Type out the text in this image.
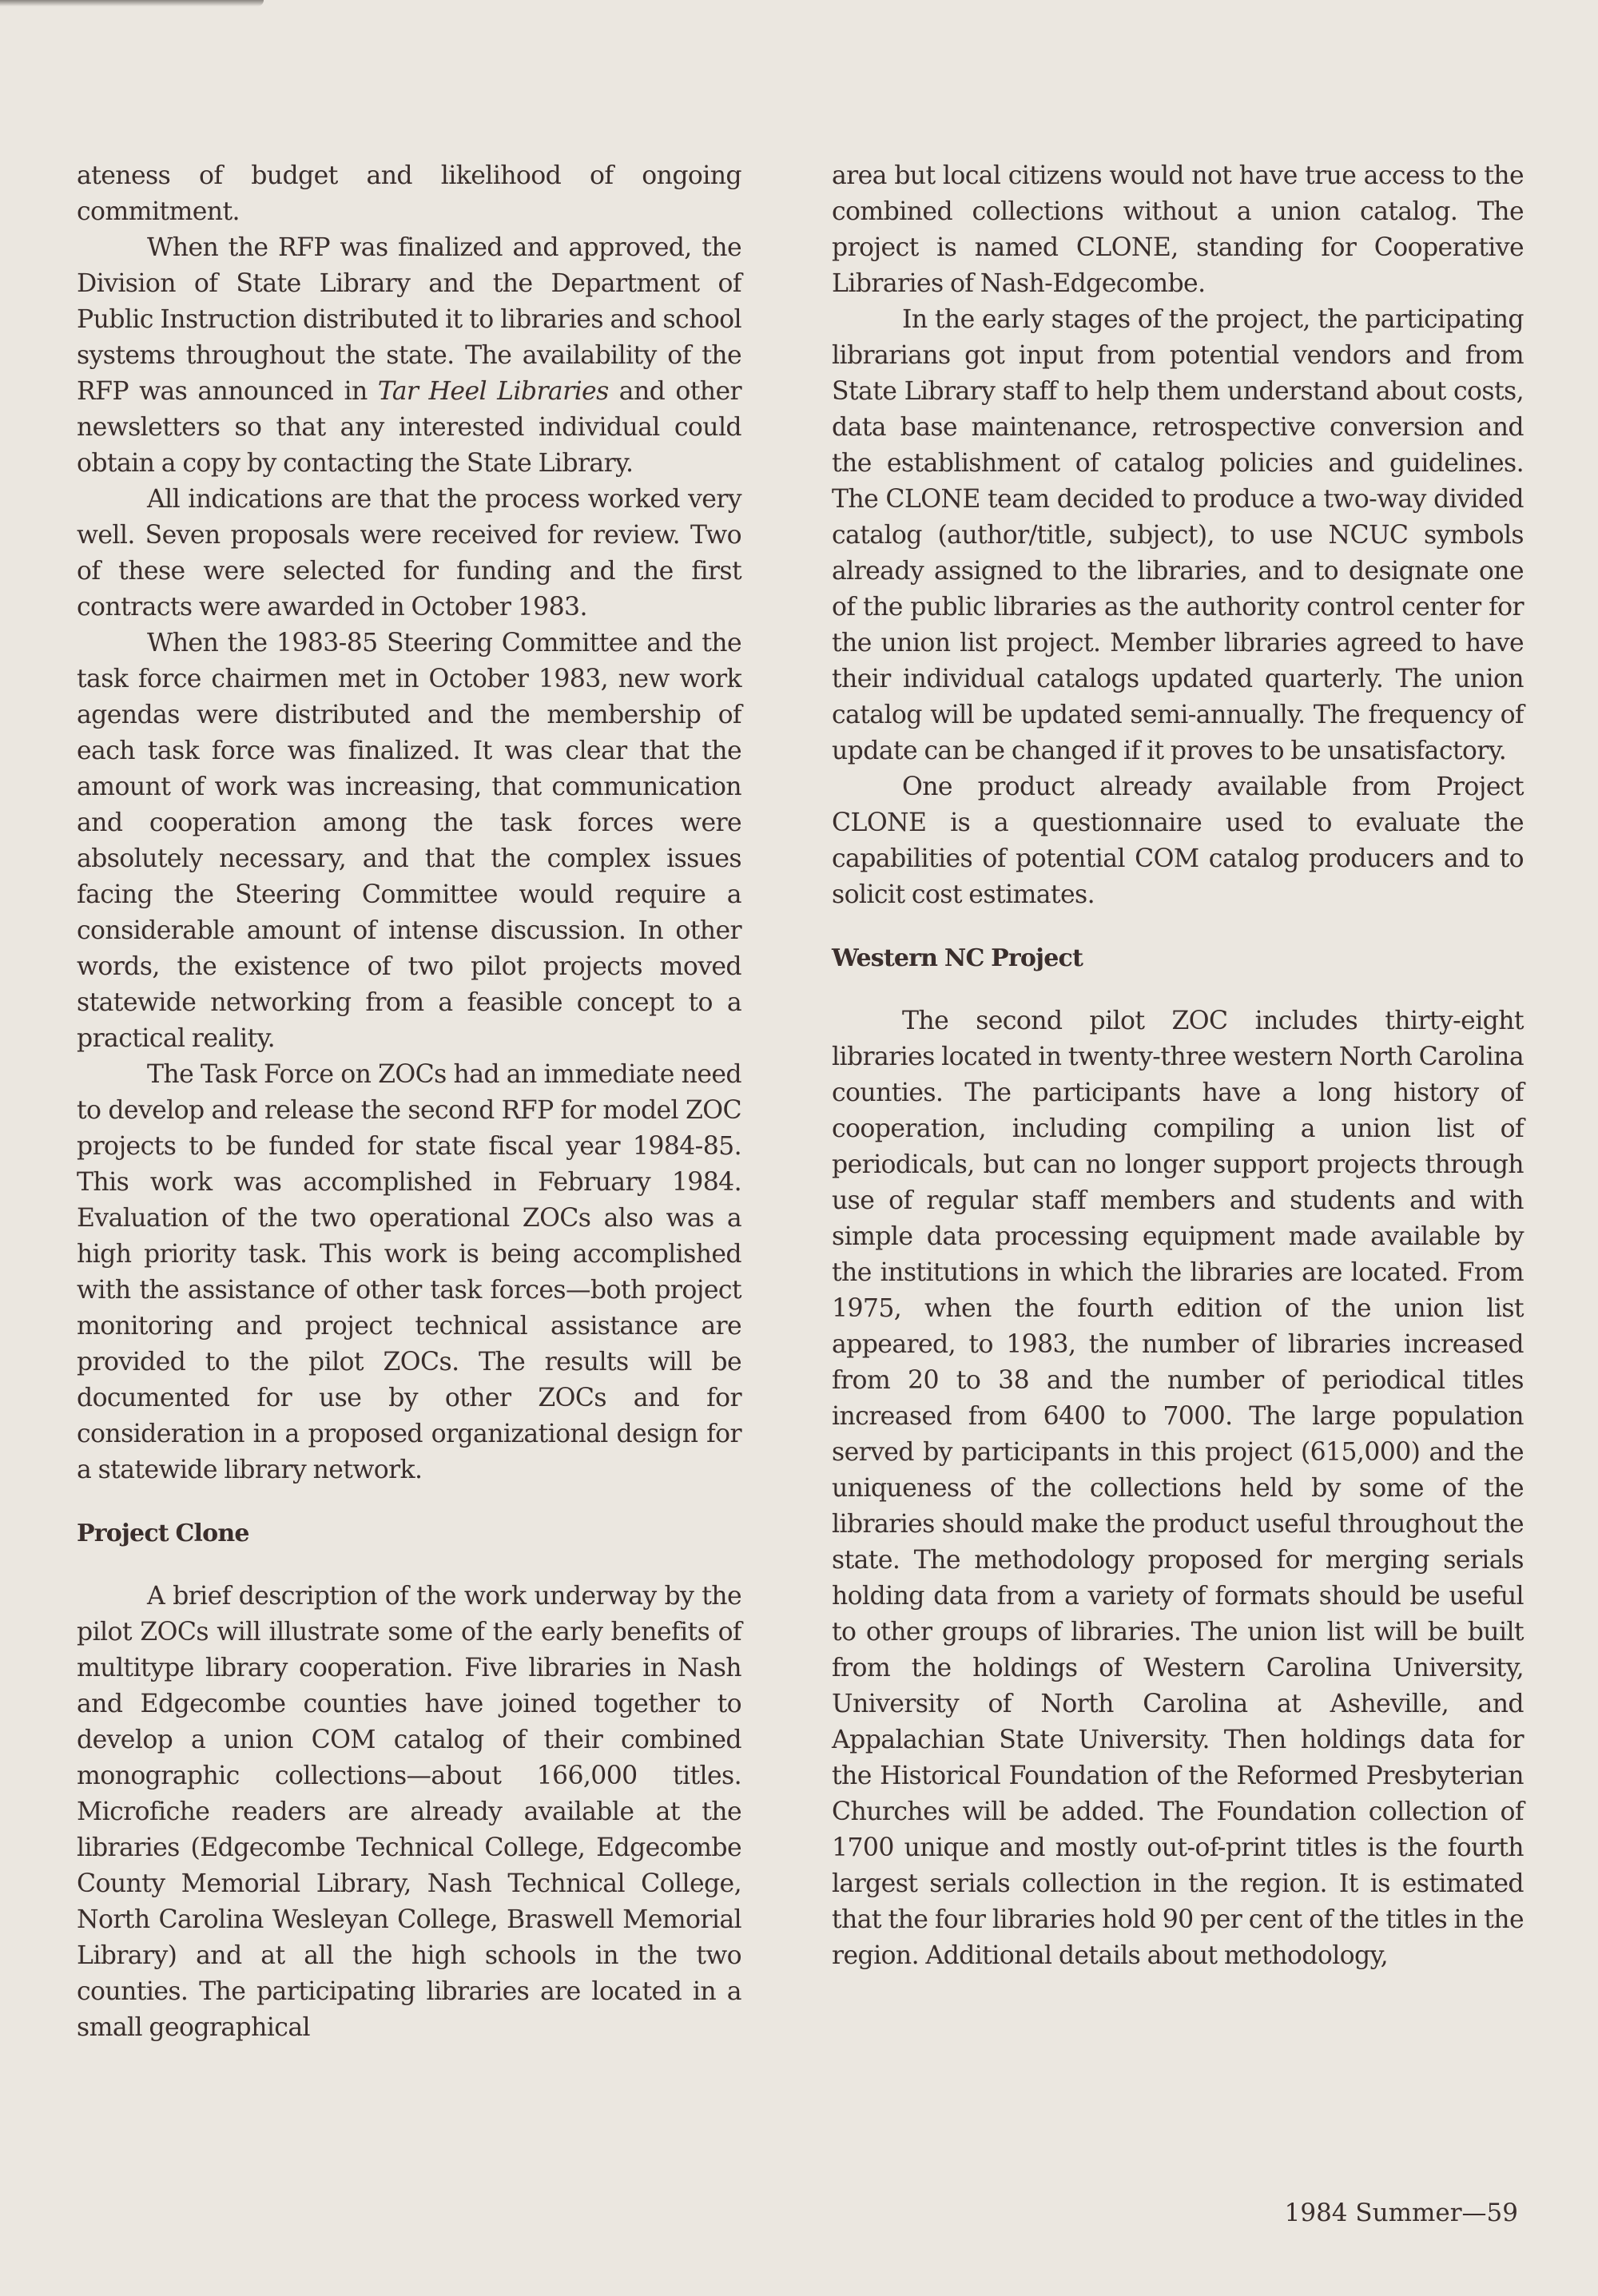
ateness of budget and likelihood of ongoing commitment.

When the RFP was finalized and approved, the Division of State Library and the Department of Public Instruction distributed it to libraries and school systems throughout the state. The availability of the RFP was announced in Tar Heel Libraries and other newsletters so that any interested individual could obtain a copy by contacting the State Library.

All indications are that the process worked very well. Seven proposals were received for review. Two of these were selected for funding and the first contracts were awarded in October 1983.

When the 1983-85 Steering Committee and the task force chairmen met in October 1983, new work agendas were distributed and the membership of each task force was finalized. It was clear that the amount of work was increasing, that communication and cooperation among the task forces were absolutely necessary, and that the complex issues facing the Steering Committee would require a considerable amount of intense discussion. In other words, the existence of two pilot projects moved statewide networking from a feasible concept to a practical reality.

The Task Force on ZOCs had an immediate need to develop and release the second RFP for model ZOC projects to be funded for state fiscal year 1984-85. This work was accomplished in February 1984. Evaluation of the two operational ZOCs also was a high priority task. This work is being accomplished with the assistance of other task forces—both project monitoring and project technical assistance are provided to the pilot ZOCs. The results will be documented for use by other ZOCs and for consideration in a proposed organizational design for a statewide library network.

Project Clone

A brief description of the work underway by the pilot ZOCs will illustrate some of the early benefits of multitype library cooperation. Five libraries in Nash and Edgecombe counties have joined together to develop a union COM catalog of their combined monographic collections—about 166,000 titles. Microfiche readers are already available at the libraries (Edgecombe Technical College, Edgecombe County Memorial Library, Nash Technical College, North Carolina Wesleyan College, Braswell Memorial Library) and at all the high schools in the two counties. The participating libraries are located in a small geographical

area but local citizens would not have true access to the combined collections without a union catalog. The project is named CLONE, standing for Cooperative Libraries of Nash-Edgecombe.

In the early stages of the project, the participating librarians got input from potential vendors and from State Library staff to help them understand about costs, data base maintenance, retrospective conversion and the establishment of catalog policies and guidelines. The CLONE team decided to produce a two-way divided catalog (author/title, subject), to use NCUC symbols already assigned to the libraries, and to designate one of the public libraries as the authority control center for the union list project. Member libraries agreed to have their individual catalogs updated quarterly. The union catalog will be updated semi-annually. The frequency of update can be changed if it proves to be unsatisfactory.

One product already available from Project CLONE is a questionnaire used to evaluate the capabilities of potential COM catalog producers and to solicit cost estimates.

Western NC Project

The second pilot ZOC includes thirty-eight libraries located in twenty-three western North Carolina counties. The participants have a long history of cooperation, including compiling a union list of periodicals, but can no longer support projects through use of regular staff members and students and with simple data processing equipment made available by the institutions in which the libraries are located. From 1975, when the fourth edition of the union list appeared, to 1983, the number of libraries increased from 20 to 38 and the number of periodical titles increased from 6400 to 7000. The large population served by participants in this project (615,000) and the uniqueness of the collections held by some of the libraries should make the product useful throughout the state. The methodology proposed for merging serials holding data from a variety of formats should be useful to other groups of libraries. The union list will be built from the holdings of Western Carolina University, University of North Carolina at Asheville, and Appalachian State University. Then holdings data for the Historical Foundation of the Reformed Presbyterian Churches will be added. The Foundation collection of 1700 unique and mostly out-of-print titles is the fourth largest serials collection in the region. It is estimated that the four libraries hold 90 per cent of the titles in the region. Additional details about methodology,

1984 Summer—59
